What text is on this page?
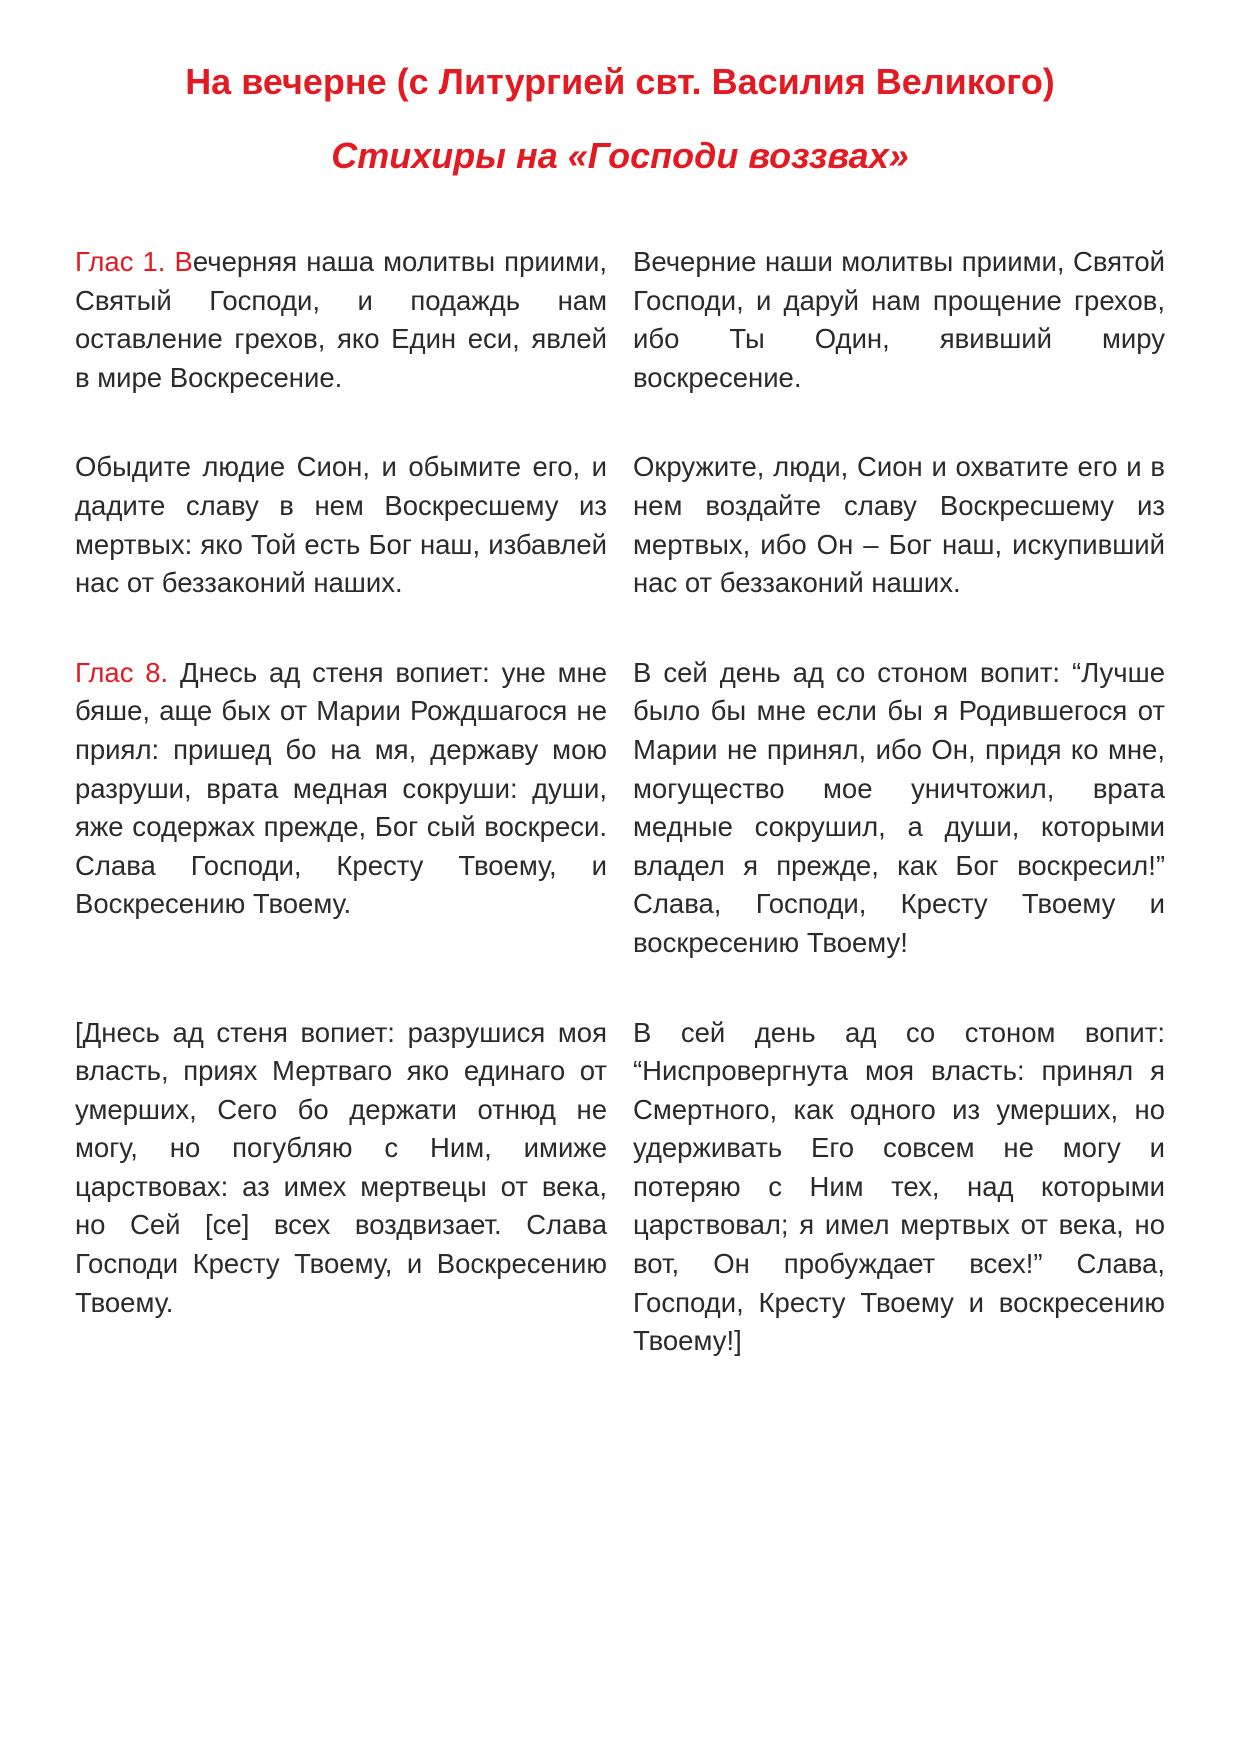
На вечерне (с Литургией свт. Василия Великого)
Стихиры на «Господи воззвах»

Глас 1. Вечерняя наша молитвы приими, Святый Господи, и подаждь нам оставление грехов, яко Един еси, явлей в мире Воскресение.

Вечерние наши молитвы приими, Святой Господи, и даруй нам прощение грехов, ибо Ты Один, явивший миру воскресение.

Обыдите людие Сион, и обымите его, и дадите славу в нем Воскресшему из мертвых: яко Той есть Бог наш, избавлей нас от беззаконий наших.

Окружите, люди, Сион и охватите его и в нем воздайте славу Воскресшему из мертвых, ибо Он – Бог наш, искупивший нас от беззаконий наших.

Глас 8. Днесь ад стеня вопиет: уне мне бяше, аще бых от Марии Рождшагося не приял: пришед бо на мя, державу мою разруши, врата медная сокруши: души, яже содержах прежде, Бог сый воскреси. Слава Господи, Кресту Твоему, и Воскресению Твоему.

В сей день ад со стоном вопит: “Лучше было бы мне если бы я Родившегося от Марии не принял, ибо Он, придя ко мне, могущество мое уничтожил, врата медные сокрушил, а души, которыми владел я прежде, как Бог воскресил!” Слава, Господи, Кресту Твоему и воскресению Твоему!

[Днесь ад стеня вопиет: разрушися моя власть, приях Мертваго яко единаго от умерших, Сего бо держати отнюд не могу, но погубляю с Ним, имиже царствовах: аз имех мертвецы от века, но Сей [се] всех воздвизает. Слава Господи Кресту Твоему, и Воскресению Твоему.

В сей день ад со стоном вопит: “Ниспровергнута моя власть: принял я Смертного, как одного из умерших, но удерживать Его совсем не могу и потеряю с Ним тех, над которыми царствовал; я имел мертвых от века, но вот, Он пробуждает всех!” Слава, Господи, Кресту Твоему и воскресению Твоему!]
